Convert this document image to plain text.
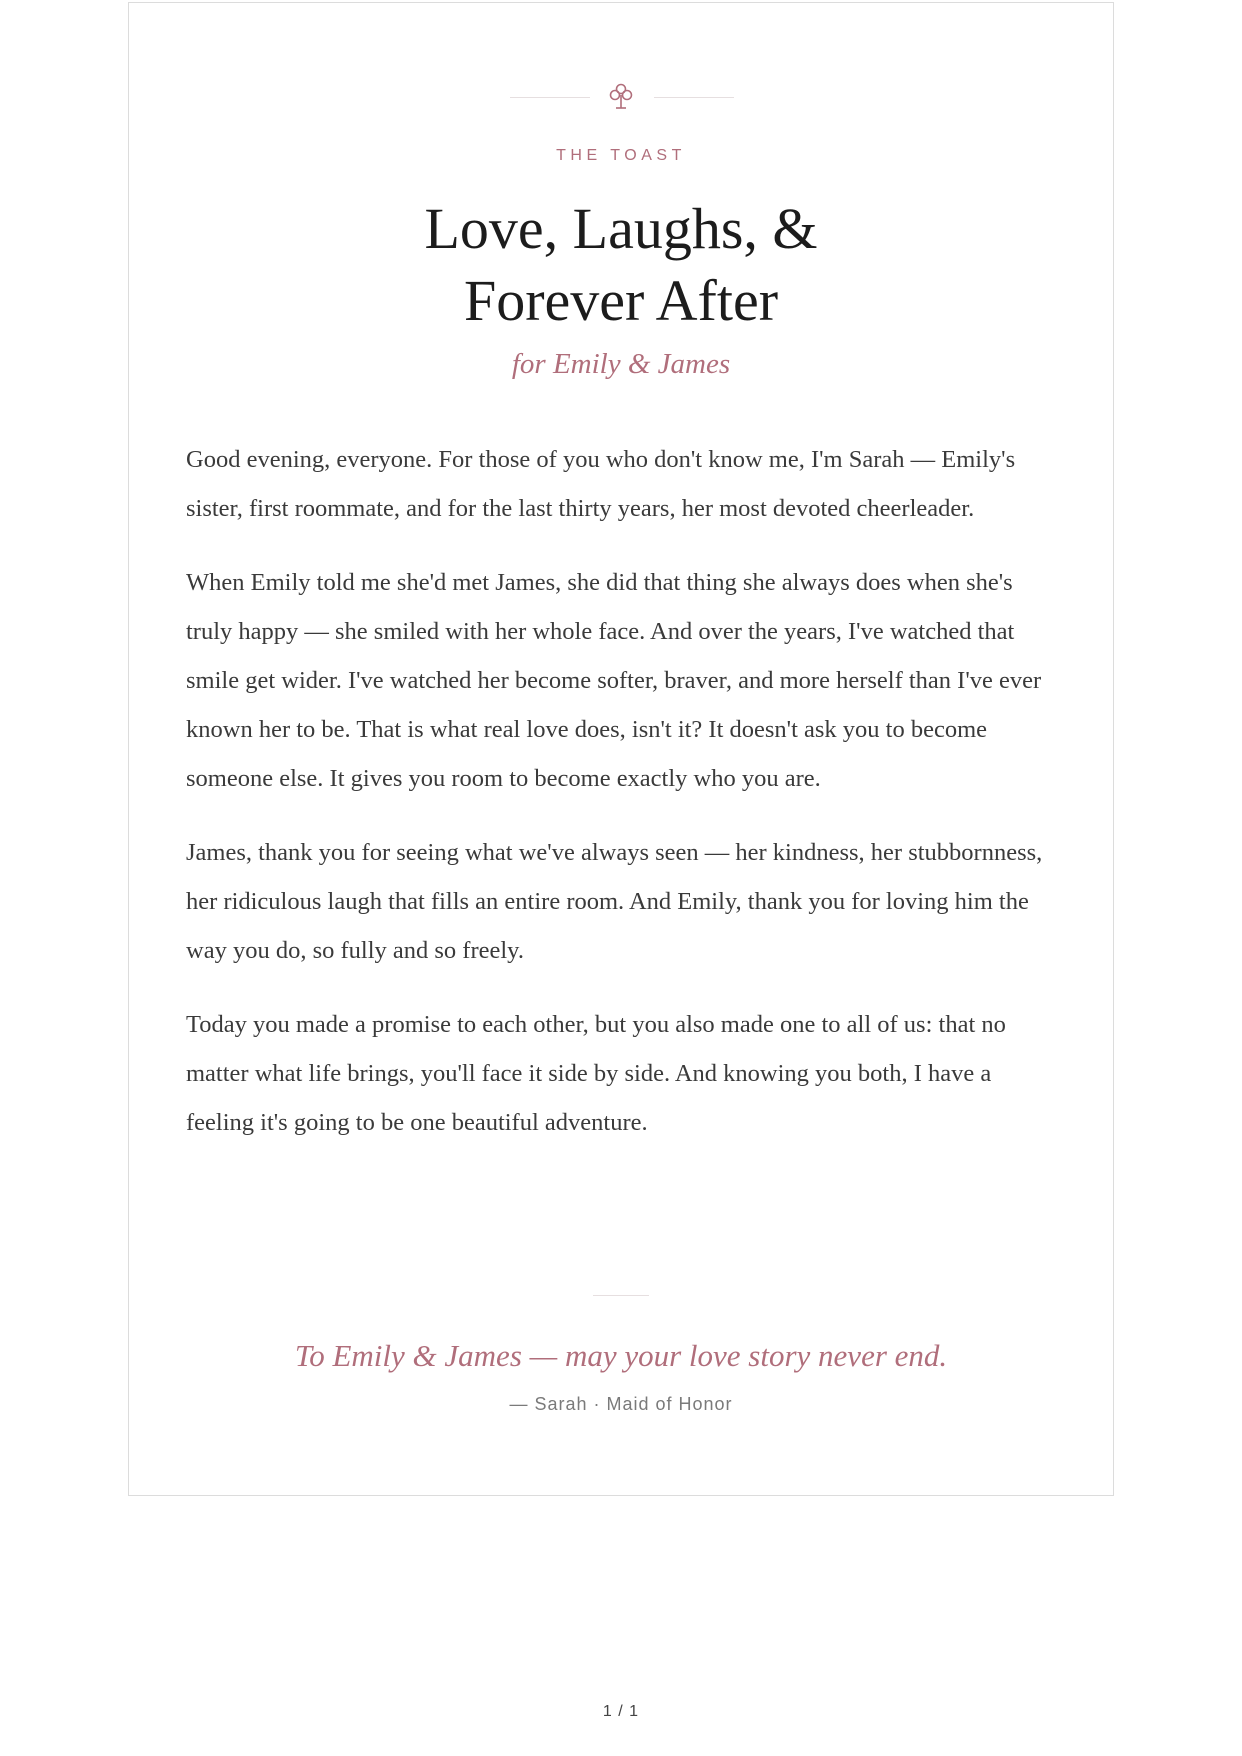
THE TOAST
Love, Laughs, &
Forever After
for Emily & James

Good evening, everyone. For those of you who don't know me, I'm Sarah — Emily's sister, first roommate, and for the last thirty years, her most devoted cheerleader.

When Emily told me she'd met James, she did that thing she always does when she's truly happy — she smiled with her whole face. And over the years, I've watched that smile get wider. I've watched her become softer, braver, and more herself than I've ever known her to be. That is what real love does, isn't it? It doesn't ask you to become someone else. It gives you room to become exactly who you are.

James, thank you for seeing what we've always seen — her kindness, her stubbornness, her ridiculous laugh that fills an entire room. And Emily, thank you for loving him the way you do, so fully and so freely.

Today you made a promise to each other, but you also made one to all of us: that no matter what life brings, you'll face it side by side. And knowing you both, I have a feeling it's going to be one beautiful adventure.

To Emily & James — may your love story never end.
— Sarah · Maid of Honor
1 / 1
